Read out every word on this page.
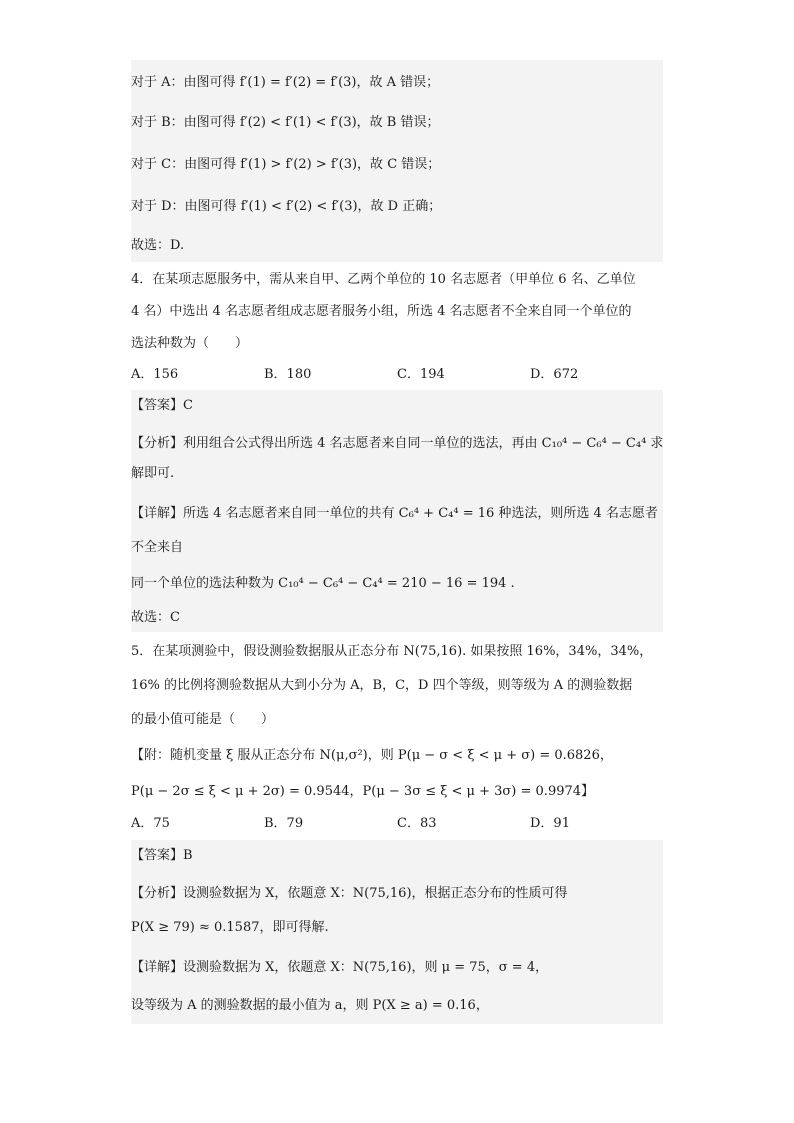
对于 A：由图可得 f′(1) = f′(2) = f′(3)，故 A 错误；
对于 B：由图可得 f′(2) < f′(1) < f′(3)，故 B 错误；
对于 C：由图可得 f′(1) > f′(2) > f′(3)，故 C 错误；
对于 D：由图可得 f′(1) < f′(2) < f′(3)，故 D 正确；
故选：D.
4．在某项志愿服务中，需从来自甲、乙两个单位的 10 名志愿者（甲单位 6 名、乙单位
4 名）中选出 4 名志愿者组成志愿者服务小组，所选 4 名志愿者不全来自同一个单位的
选法种数为（　　）
A．156	B．180	C．194	D．672
【答案】C
【分析】利用组合公式得出所选 4 名志愿者来自同一单位的选法，再由 C₁₀⁴ − C₆⁴ − C₄⁴ 求
解即可.
【详解】所选 4 名志愿者来自同一单位的共有 C₆⁴ + C₄⁴ = 16 种选法，则所选 4 名志愿者
不全来自
同一个单位的选法种数为 C₁₀⁴ − C₆⁴ − C₄⁴ = 210 − 16 = 194 .
故选：C
5．在某项测验中，假设测验数据服从正态分布 N(75,16). 如果按照 16%，34%，34%，
16% 的比例将测验数据从大到小分为 A，B，C，D 四个等级，则等级为 A 的测验数据
的最小值可能是（　　）
【附：随机变量 ξ 服从正态分布 N(μ,σ²)，则 P(μ − σ < ξ < μ + σ) = 0.6826，
P(μ − 2σ ≤ ξ < μ + 2σ) = 0.9544，P(μ − 3σ ≤ ξ < μ + 3σ) = 0.9974】
A．75	B．79	C．83	D．91
【答案】B
【分析】设测验数据为 X，依题意 X：N(75,16)，根据正态分布的性质可得
P(X ≥ 79) ≈ 0.1587，即可得解.
【详解】设测验数据为 X，依题意 X：N(75,16)，则 μ = 75，σ = 4，
设等级为 A 的测验数据的最小值为 a，则 P(X ≥ a) = 0.16，
